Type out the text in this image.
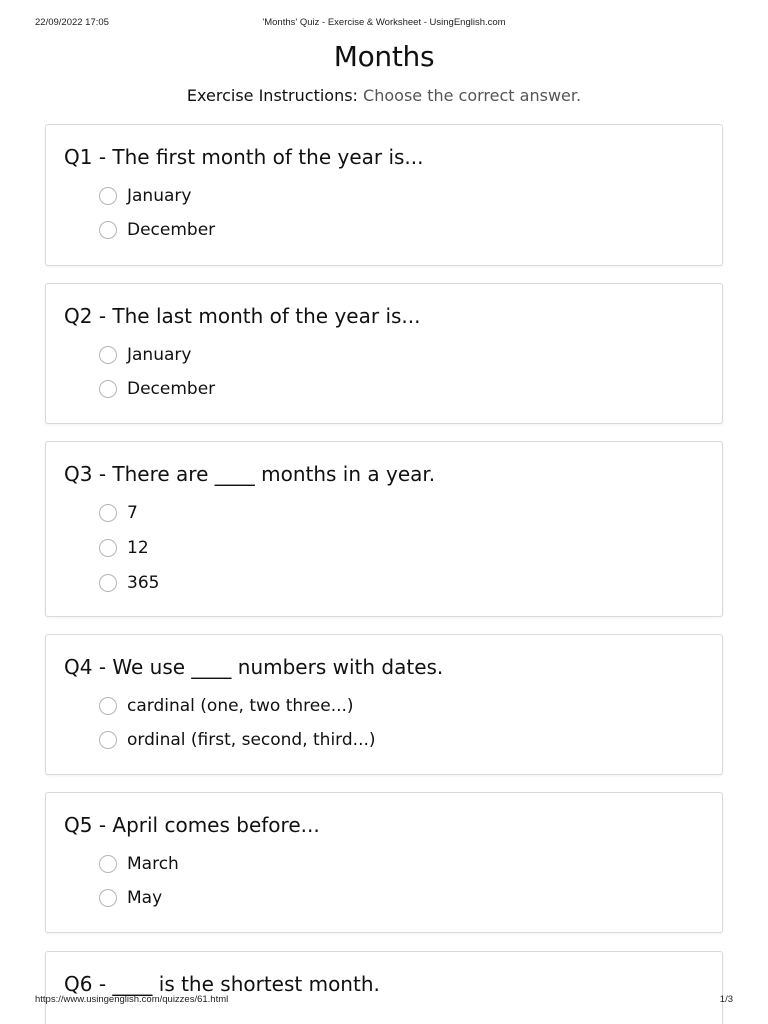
22/09/2022 17:05	'Months' Quiz - Exercise & Worksheet - UsingEnglish.com
Months
Exercise Instructions: Choose the correct answer.
Q1 - The first month of the year is...
January
December
Q2 - The last month of the year is...
January
December
Q3 - There are ____ months in a year.
7
12
365
Q4 - We use ____ numbers with dates.
cardinal (one, two three...)
ordinal (first, second, third...)
Q5 - April comes before...
March
May
Q6 - ____ is the shortest month.
https://www.usingenglish.com/quizzes/61.html	1/3
